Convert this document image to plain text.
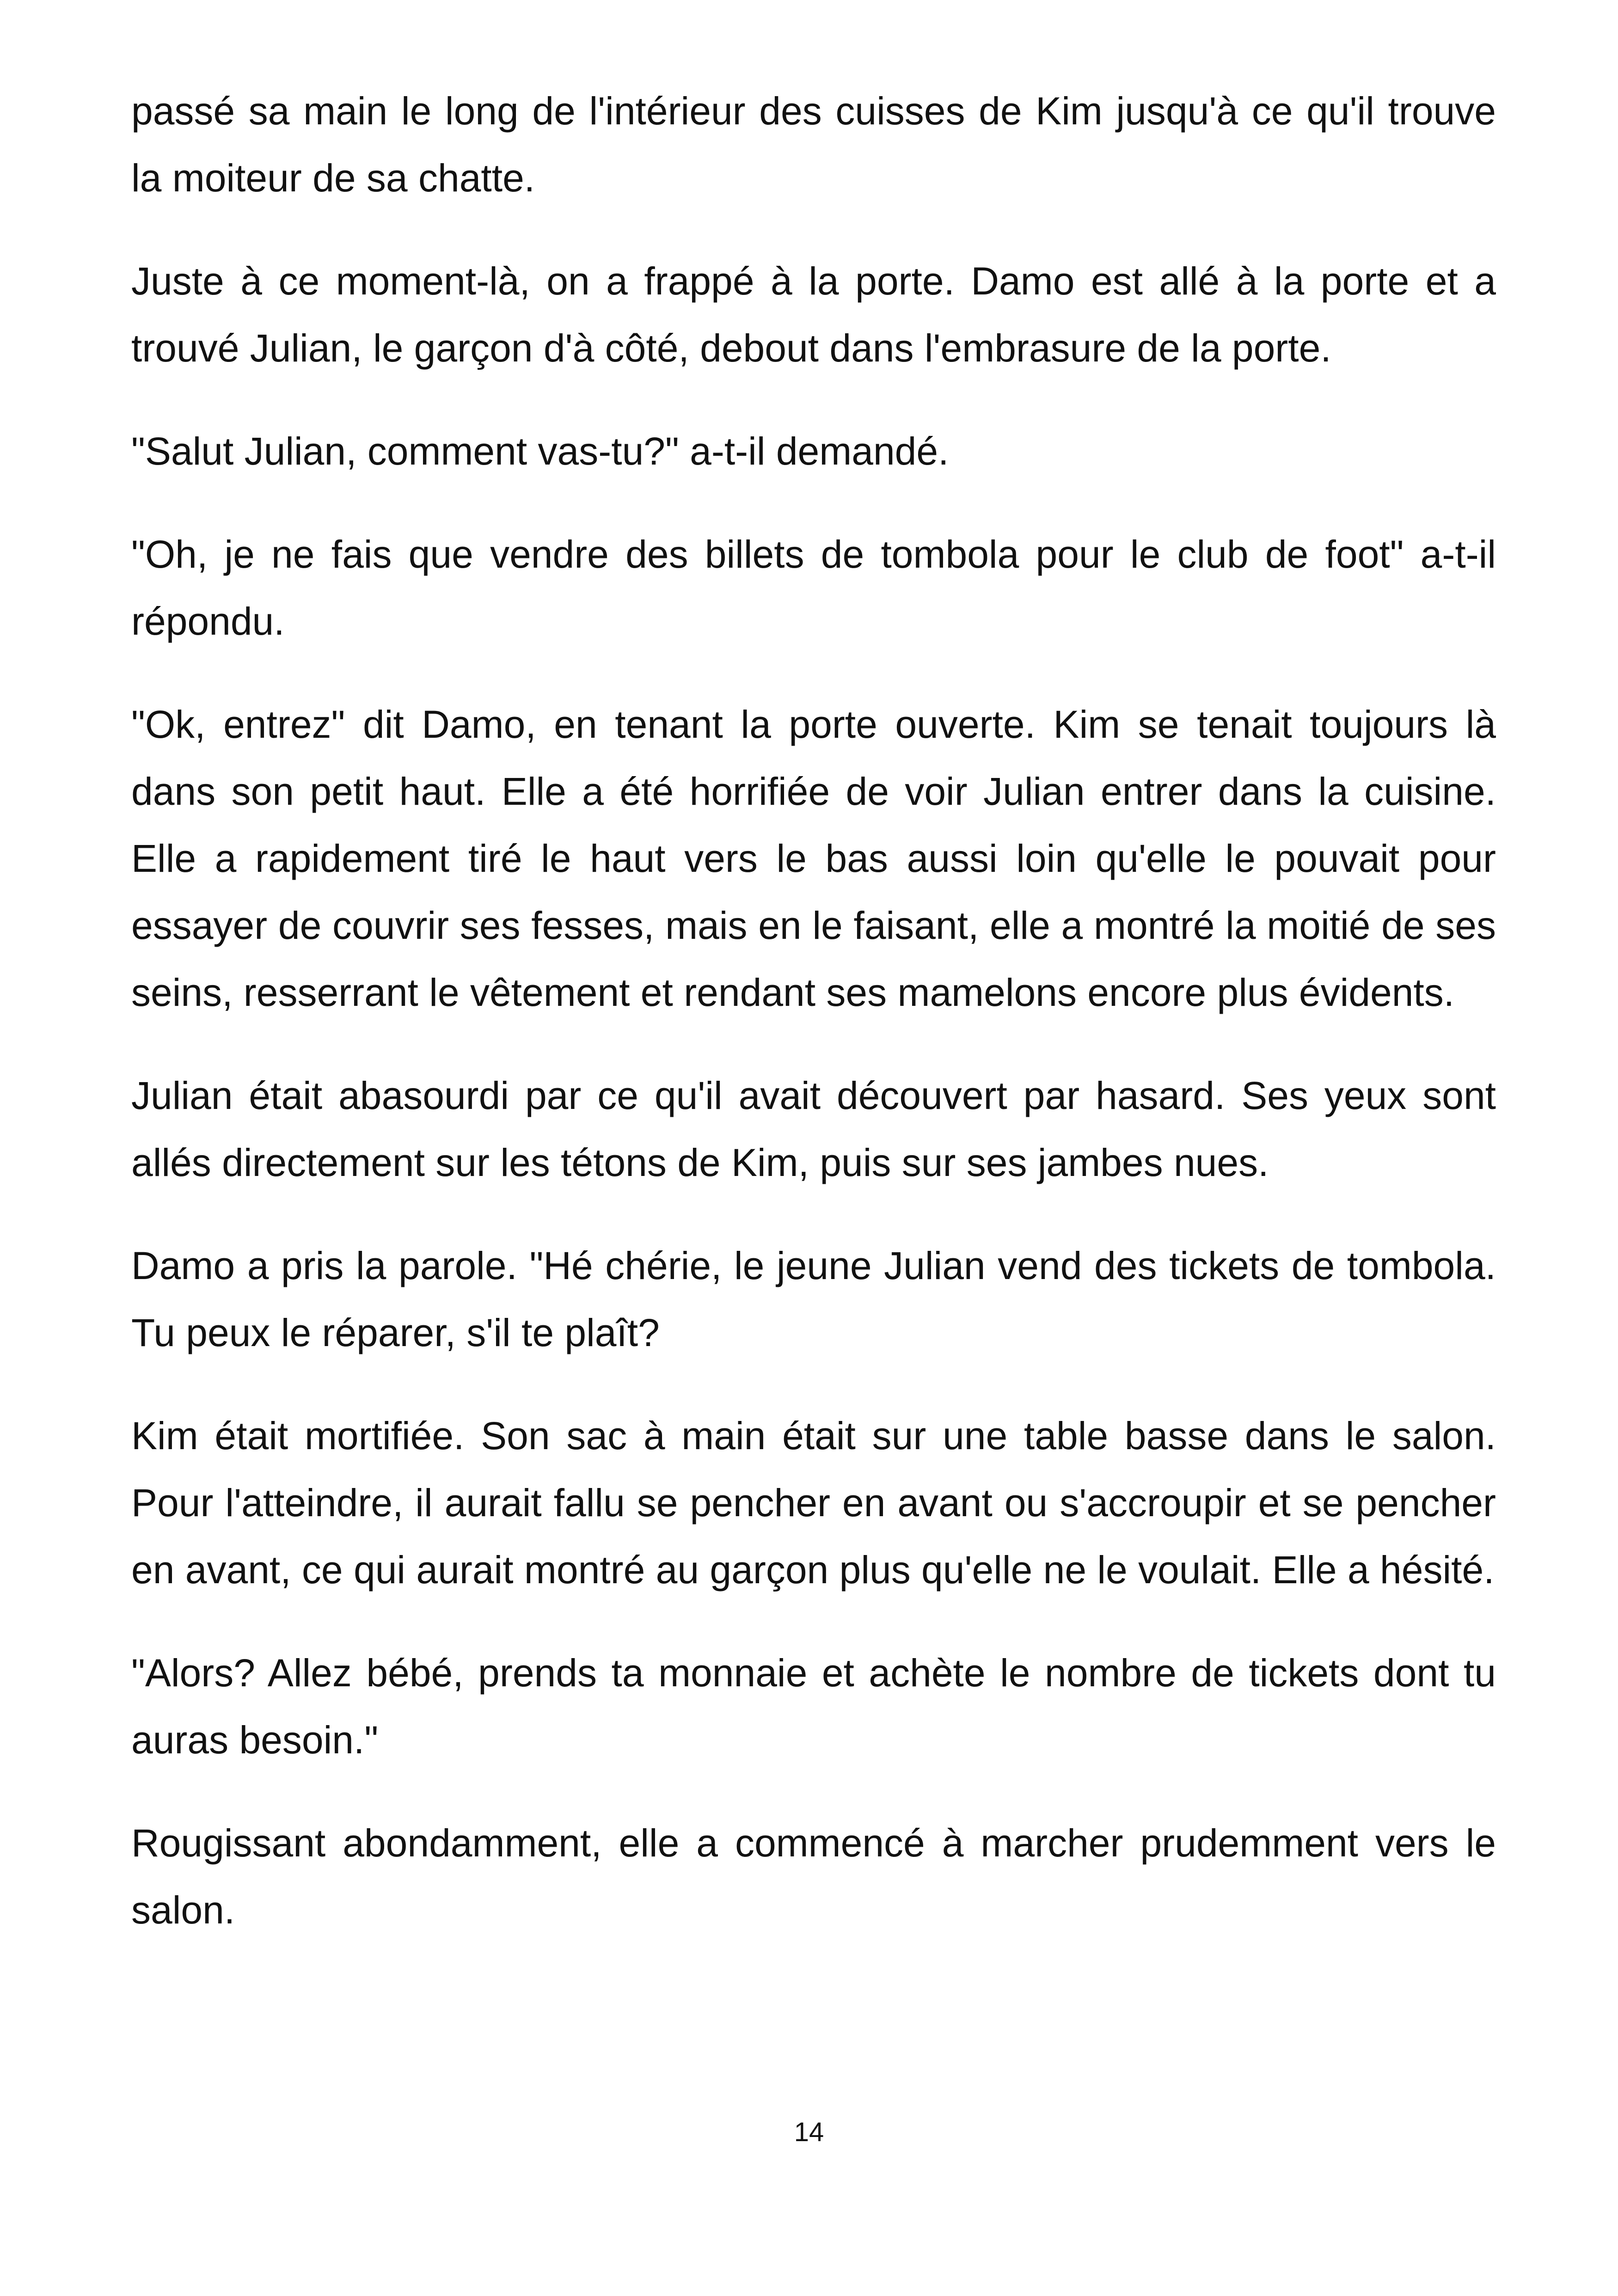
passé sa main le long de l'intérieur des cuisses de Kim jusqu'à ce qu'il trouve la moiteur de sa chatte.

Juste à ce moment-là, on a frappé à la porte. Damo est allé à la porte et a trouvé Julian, le garçon d'à côté, debout dans l'embrasure de la porte.

"Salut Julian, comment vas-tu?" a-t-il demandé.

"Oh, je ne fais que vendre des billets de tombola pour le club de foot" a-t-il répondu.

"Ok, entrez" dit Damo, en tenant la porte ouverte. Kim se tenait toujours là dans son petit haut. Elle a été horrifiée de voir Julian entrer dans la cuisine. Elle a rapidement tiré le haut vers le bas aussi loin qu'elle le pouvait pour essayer de couvrir ses fesses, mais en le faisant, elle a montré la moitié de ses seins, resserrant le vêtement et rendant ses mamelons encore plus évidents.

Julian était abasourdi par ce qu'il avait découvert par hasard. Ses yeux sont allés directement sur les tétons de Kim, puis sur ses jambes nues.

Damo a pris la parole. "Hé chérie, le jeune Julian vend des tickets de tombola. Tu peux le réparer, s'il te plaît?

Kim était mortifiée. Son sac à main était sur une table basse dans le salon. Pour l'atteindre, il aurait fallu se pencher en avant ou s'accroupir et se pencher en avant, ce qui aurait montré au garçon plus qu'elle ne le voulait. Elle a hésité.

"Alors? Allez bébé, prends ta monnaie et achète le nombre de tickets dont tu auras besoin."

Rougissant abondamment, elle a commencé à marcher prudemment vers le salon.

14
